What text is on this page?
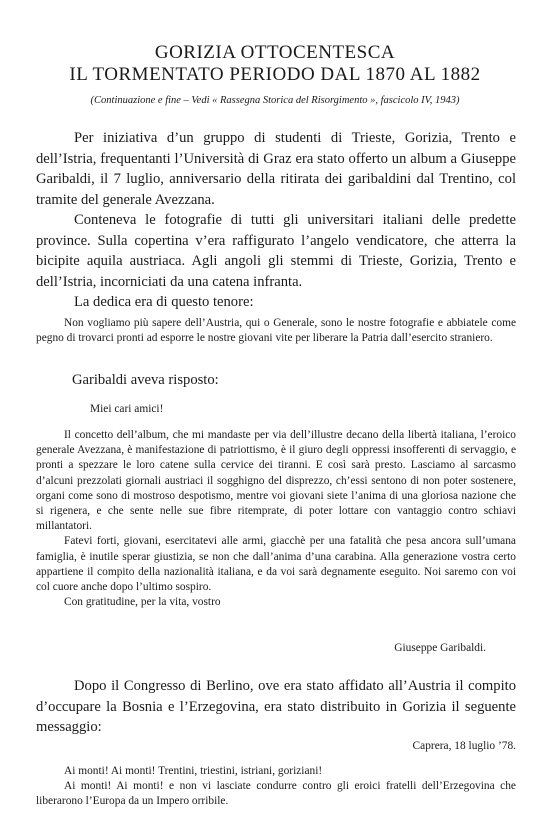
GORIZIA OTTOCENTESCA
IL TORMENTATO PERIODO DAL 1870 AL 1882
(Continuazione e fine – Vedi « Rassegna Storica del Risorgimento », fascicolo IV, 1943)

Per iniziativa d’un gruppo di studenti di Trieste, Gorizia, Trento e dell’Istria, frequentanti l’Università di Graz era stato offerto un album a Giuseppe Garibaldi, il 7 luglio, anniversario della ritirata dei garibaldini dal Trentino, col tramite del generale Avezzana.

Conteneva le fotografie di tutti gli universitari italiani delle predette province. Sulla copertina v’era raffigurato l’angelo vendicatore, che atterra la bicipite aquila austriaca. Agli angoli gli stemmi di Trieste, Gorizia, Trento e dell’Istria, incorniciati da una catena infranta.

La dedica era di questo tenore:

Non vogliamo più sapere dell’Austria, qui o Generale, sono le nostre fotografie e abbiatele come pegno di trovarci pronti ad esporre le nostre giovani vite per liberare la Patria dall’esercito straniero.

Garibaldi aveva risposto:
Miei cari amici!

Il concetto dell’album, che mi mandaste per via dell’illustre decano della libertà italiana, l’eroico generale Avezzana, è manifestazione di patriottismo, è il giuro degli oppressi insofferenti di servaggio, e pronti a spezzare le loro catene sulla cervice dei tiranni. E così sarà presto. Lasciamo al sarcasmo d’alcuni prezzolati giornali austriaci il sogghigno del disprezzo, ch’essi sentono di non poter sostenere, organi come sono di mostroso despotismo, mentre voi giovani siete l’anima di una gloriosa nazione che si rigenera, e che sente nelle sue fibre ritemprate, di poter lottare con vantaggio contro schiavi millantatori.

Fatevi forti, giovani, esercitatevi alle armi, giacchè per una fatalità che pesa ancora sull’umana famiglia, è inutile sperar giustizia, se non che dall’anima d’una carabina. Alla generazione vostra certo appartiene il compito della nazionalità italiana, e da voi sarà degnamente eseguito. Noi saremo con voi col cuore anche dopo l’ultimo sospiro.

Con gratitudine, per la vita, vostro

Giuseppe Garibaldi.

Dopo il Congresso di Berlino, ove era stato affidato all’Austria il compito d’occupare la Bosnia e l’Erzegovina, era stato distribuito in Gorizia il seguente messaggio:

Caprera, 18 luglio ’78.

Ai monti! Ai monti! Trentini, triestini, istriani, goriziani!

Ai monti! Ai monti! e non vi lasciate condurre contro gli eroici fratelli dell’Erzegovina che liberarono l’Europa da un Impero orribile.
